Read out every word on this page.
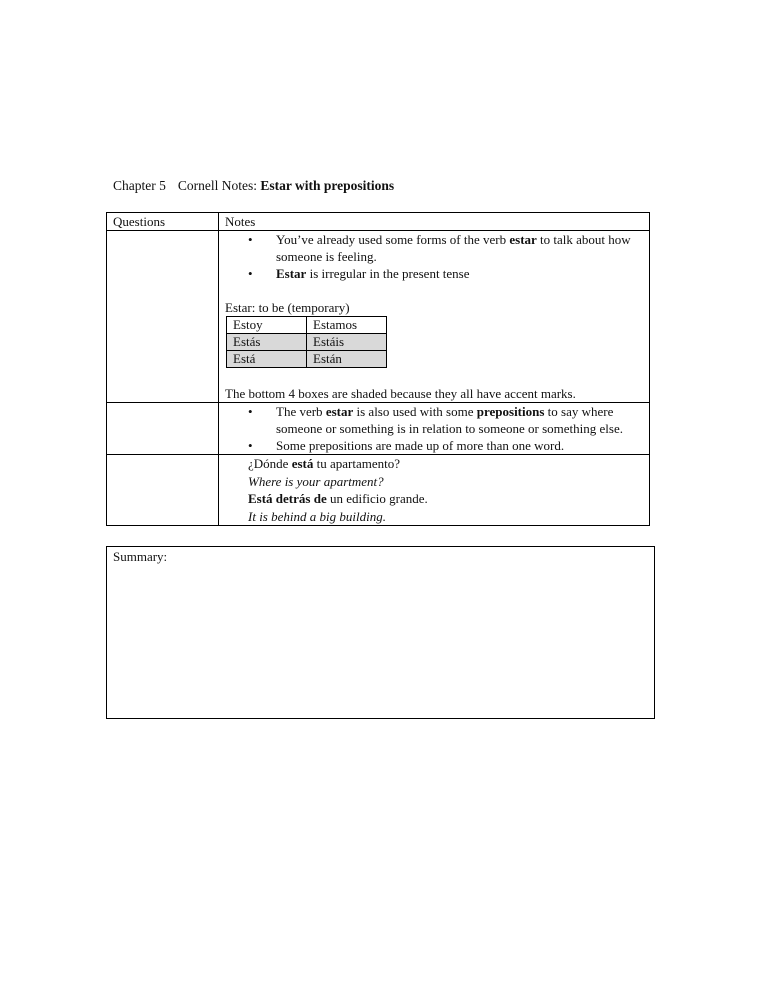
Chapter 5 Cornell Notes: Estar with prepositions
Questions	Notes

• You’ve already used some forms of the verb estar to talk about how someone is feeling.
• Estar is irregular in the present tense
Estar: to be (temporary)
Estoy	Estamos
Estás	Estáis
Está	Están
The bottom 4 boxes are shaded because they all have accent marks.

• The verb estar is also used with some prepositions to say where someone or something is in relation to someone or something else.
• Some prepositions are made up of more than one word.

¿Dónde está tu apartamento?
Where is your apartment?
Está detrás de un edificio grande.
It is behind a big building.
Summary:
